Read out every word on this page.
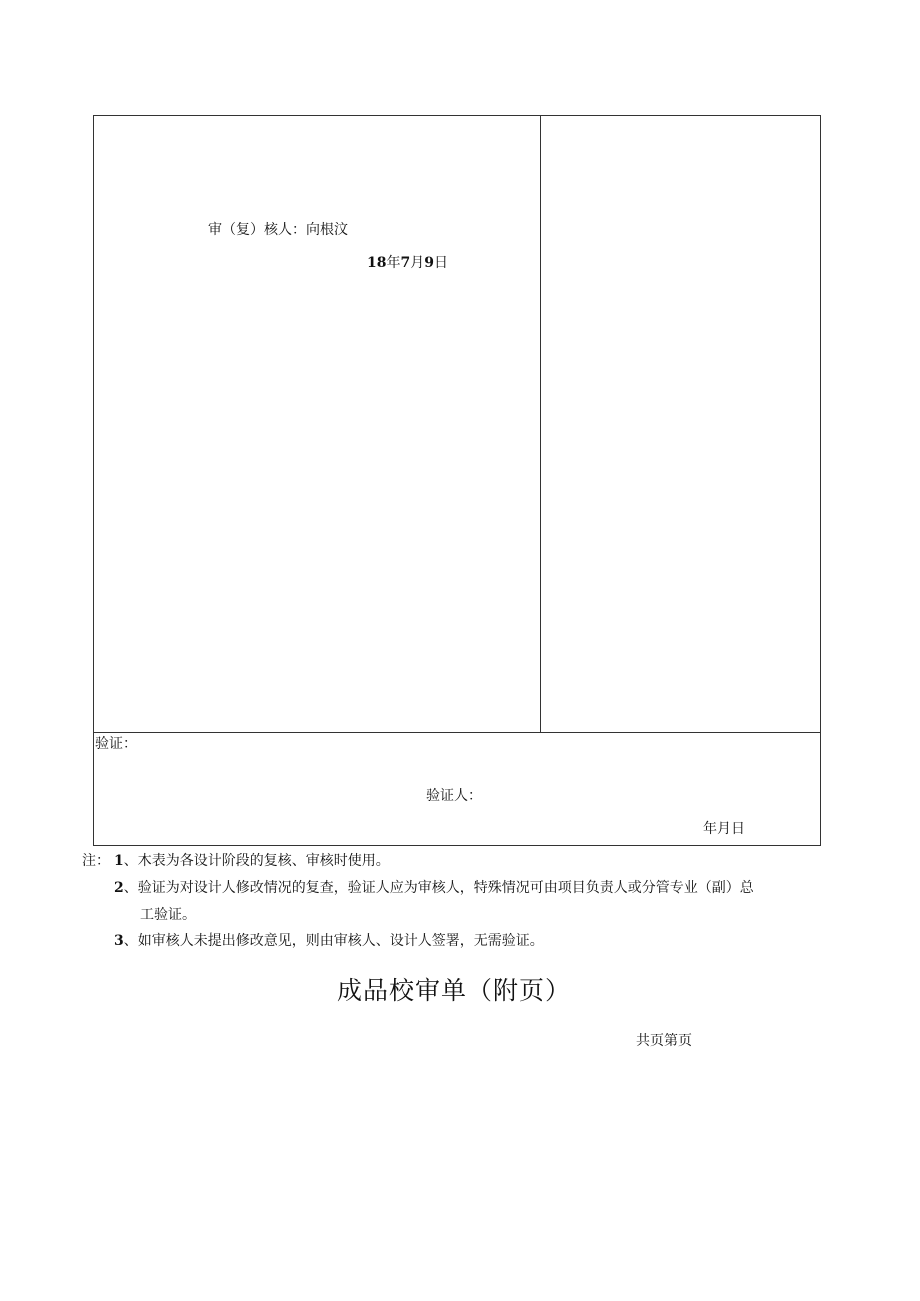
审（复）核人：向根汶
18年7月9日
验证：
验证人：
年月日
注： 1、木表为各设计阶段的复核、审核时使用。
2、验证为对设计人修改情况的复查，验证人应为审核人，特殊情况可由项目负责人或分管专业（副）总
工验证。
3、如审核人未提出修改意见，则由审核人、设计人签署，无需验证。
成品校审单（附页）
共页第页
